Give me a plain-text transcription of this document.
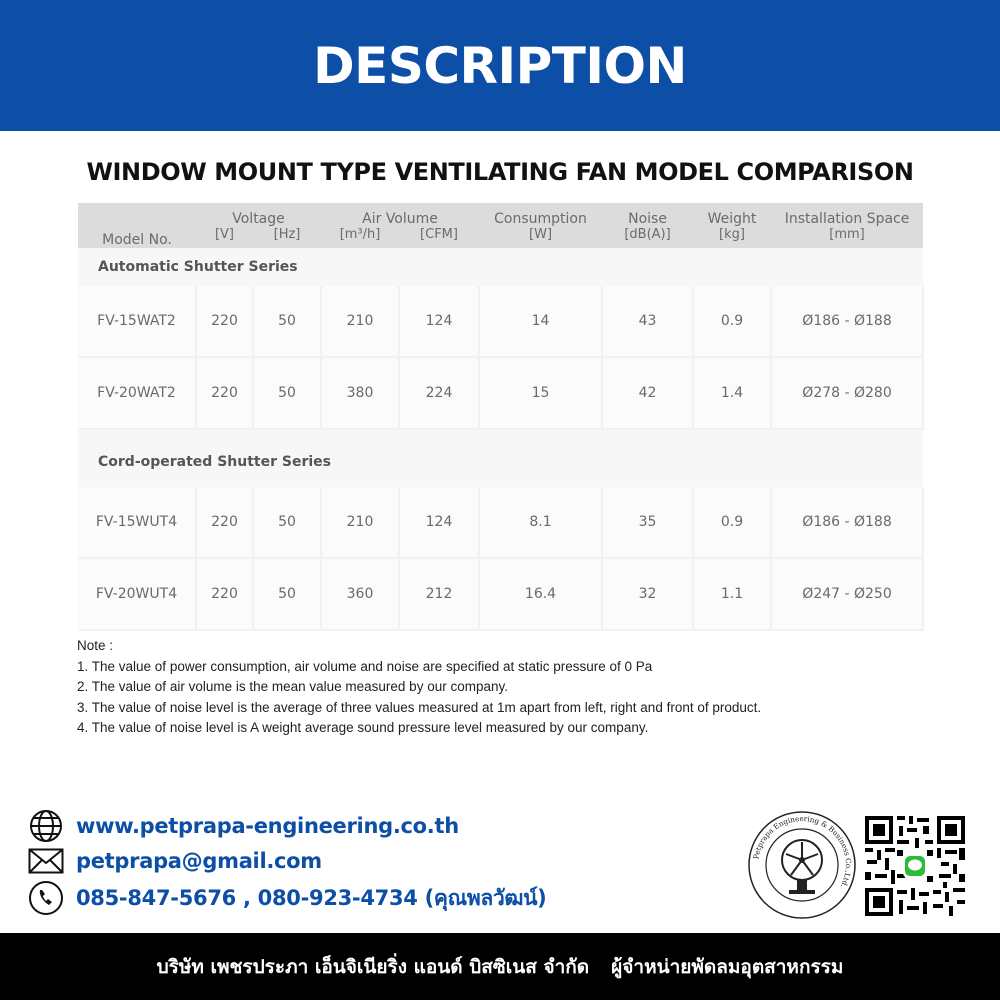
DESCRIPTION
WINDOW MOUNT TYPE VENTILATING FAN MODEL COMPARISON
Model No.	Voltage		Air Volume		Consumption	Noise	Weight	Installation Space
	[V]	[Hz]	[m³/h]	[CFM]	[W]	[dB(A)]	[kg]	[mm]
Automatic Shutter Series								
FV-15WAT2	220	50	210	124	14	43	0.9	Ø186 - Ø188
FV-20WAT2	220	50	380	224	15	42	1.4	Ø278 - Ø280
Cord-operated Shutter Series								
FV-15WUT4	220	50	210	124	8.1	35	0.9	Ø186 - Ø188
FV-20WUT4	220	50	360	212	16.4	32	1.1	Ø247 - Ø250
Note :
1. The value of power consumption, air volume and noise are specified at static pressure of 0 Pa
2. The value of air volume is the mean value measured by our company.
3. The value of noise level is the average of three values measured at 1m apart from left, right and front of product.
4. The value of noise level is A weight average sound pressure level measured by our company.
www.petprapa-engineering.co.th
petprapa@gmail.com
085-847-5676 , 080-923-4734 (คุณพลวัฒน์)
Petprapa Engineering & Business Co.,Ltd.
บริษัท เพชรประภา เอ็นจิเนียริ่ง แอนด์ บิสซิเนส จำกัด ผู้จำหน่ายพัดลมอุตสาหกรรม
